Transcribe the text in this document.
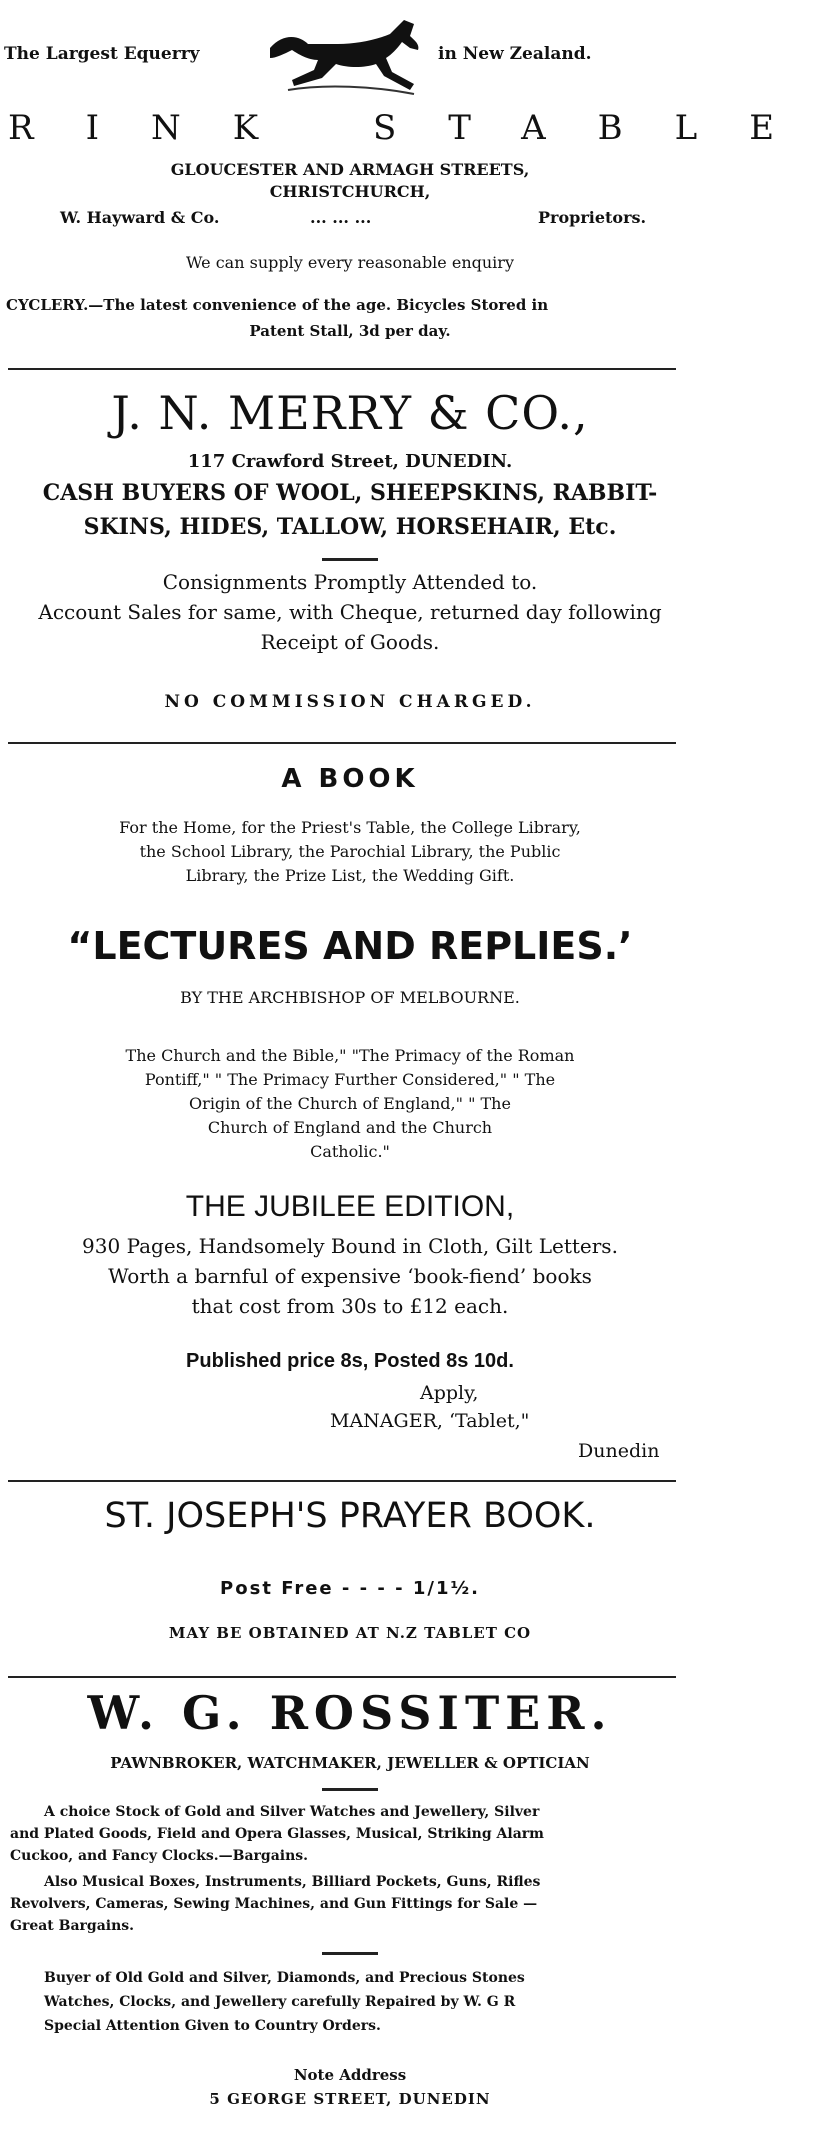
The Largest Equerry	in New Zealand.
RINK STABLE
GLOUCESTER AND ARMAGH STREETS,
CHRISTCHURCH,
W. Hayward & Co.	... ... ...	Proprietors.
We can supply every reasonable enquiry
CYCLERY.—The latest convenience of the age. Bicycles Stored in
Patent Stall, 3d per day.
J. N. MERRY & CO.,
117 Crawford Street, DUNEDIN.
CASH BUYERS OF WOOL, SHEEPSKINS, RABBIT-
SKINS, HIDES, TALLOW, HORSEHAIR, Etc.
Consignments Promptly Attended to.
Account Sales for same, with Cheque, returned day following
Receipt of Goods.
NO COMMISSION CHARGED.
A BOOK
For the Home, for the Priest's Table, the College Library,
the School Library, the Parochial Library, the Public
Library, the Prize List, the Wedding Gift.
“LECTURES AND REPLIES.’
BY THE ARCHBISHOP OF MELBOURNE.
The Church and the Bible," "The Primacy of the Roman
Pontiff," " The Primacy Further Considered," " The
Origin of the Church of England," " The
Church of England and the Church
Catholic."
THE JUBILEE EDITION,
930 Pages, Handsomely Bound in Cloth, Gilt Letters.
Worth a barnful of expensive ‘book-fiend’ books
that cost from 30s to £12 each.
Published price 8s, Posted 8s 10d.
Apply,
MANAGER, ‘Tablet,"
Dunedin
ST. JOSEPH'S PRAYER BOOK.
Post Free - - - - 1/1½.
MAY BE OBTAINED AT N.Z TABLET CO
W. G. ROSSITER.
PAWNBROKER, WATCHMAKER, JEWELLER & OPTICIAN
A choice Stock of Gold and Silver Watches and Jewellery, Silver
and Plated Goods, Field and Opera Glasses, Musical, Striking Alarm
Cuckoo, and Fancy Clocks.—Bargains.
Also Musical Boxes, Instruments, Billiard Pockets, Guns, Rifles
Revolvers, Cameras, Sewing Machines, and Gun Fittings for Sale —
Great Bargains.
Buyer of Old Gold and Silver, Diamonds, and Precious Stones
Watches, Clocks, and Jewellery carefully Repaired by W. G R
Special Attention Given to Country Orders.
Note Address
5 GEORGE STREET, DUNEDIN
